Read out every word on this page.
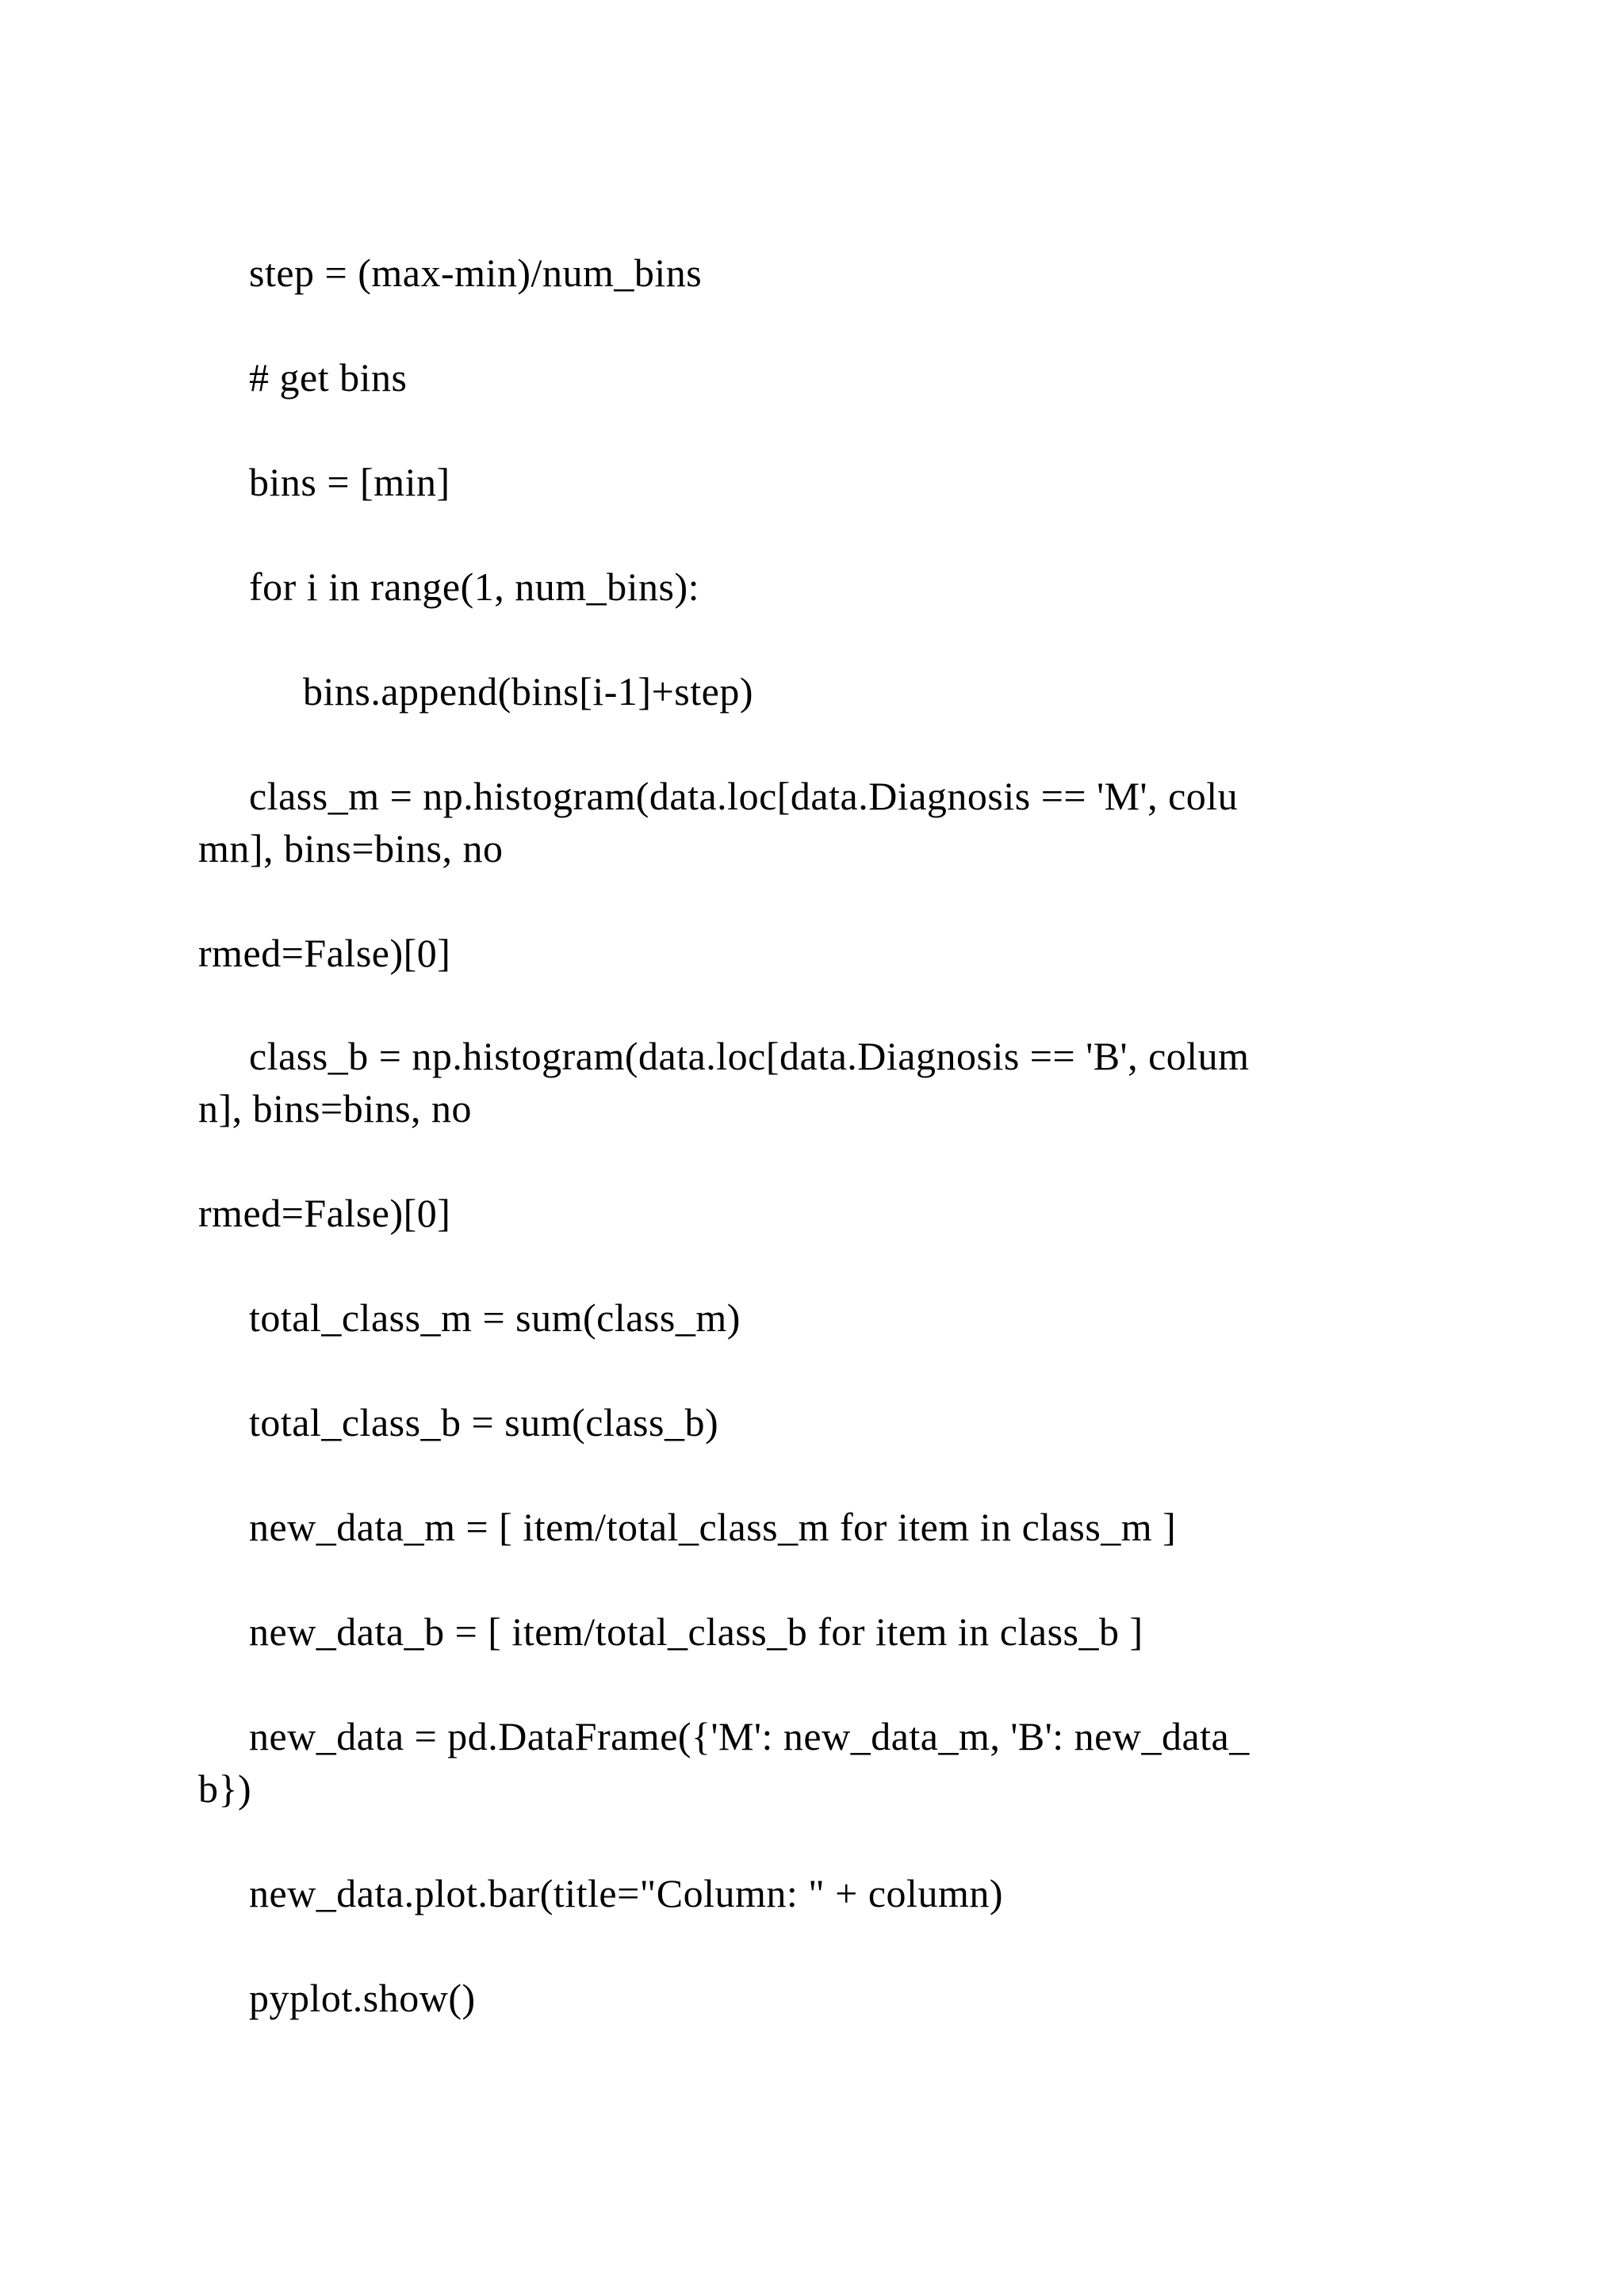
step = (max-min)/num_bins
# get bins
bins = [min]
for i in range(1, num_bins):
bins.append(bins[i-1]+step)
class_m = np.histogram(data.loc[data.Diagnosis == 'M', colu
mn], bins=bins, no
rmed=False)[0]
class_b = np.histogram(data.loc[data.Diagnosis == 'B', colum
n], bins=bins, no
rmed=False)[0]
total_class_m = sum(class_m)
total_class_b = sum(class_b)
new_data_m = [ item/total_class_m for item in class_m ]
new_data_b = [ item/total_class_b for item in class_b ]
new_data = pd.DataFrame({'M': new_data_m, 'B': new_data_
b})
new_data.plot.bar(title="Column: " + column)
pyplot.show()
